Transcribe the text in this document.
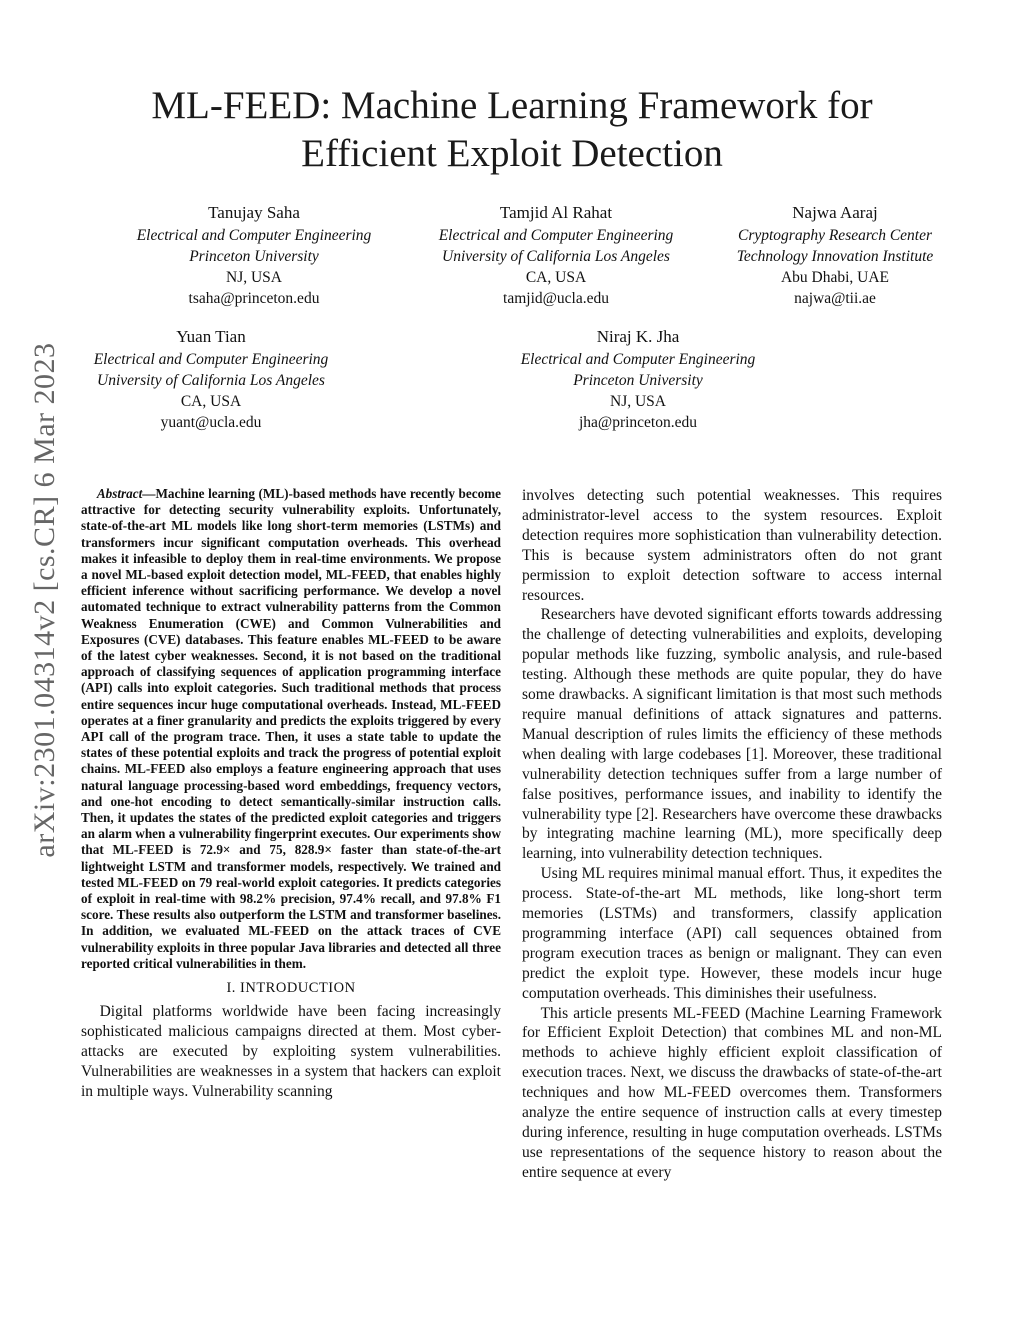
ML-FEED: Machine Learning Framework for
Efficient Exploit Detection
Tanujay Saha
Electrical and Computer Engineering
Princeton University
NJ, USA
tsaha@princeton.edu
Tamjid Al Rahat
Electrical and Computer Engineering
University of California Los Angeles
CA, USA
tamjid@ucla.edu
Najwa Aaraj
Cryptography Research Center
Technology Innovation Institute
Abu Dhabi, UAE
najwa@tii.ae
Yuan Tian
Electrical and Computer Engineering
University of California Los Angeles
CA, USA
yuant@ucla.edu
Niraj K. Jha
Electrical and Computer Engineering
Princeton University
NJ, USA
jha@princeton.edu
arXiv:2301.04314v2 [cs.CR] 6 Mar 2023	Abstract—Machine learning (ML)-based methods have recently become attractive for detecting security vulnerability exploits. Unfortunately, state-of-the-art ML models like long short-term memories (LSTMs) and transformers incur significant computation overheads. This overhead makes it infeasible to deploy them in real-time environments. We propose a novel ML-based exploit detection model, ML-FEED, that enables highly efficient inference without sacrificing performance. We develop a novel automated technique to extract vulnerability patterns from the Common Weakness Enumeration (CWE) and Common Vulnerabilities and Exposures (CVE) databases. This feature enables ML-FEED to be aware of the latest cyber weaknesses. Second, it is not based on the traditional approach of classifying sequences of application programming interface (API) calls into exploit categories. Such traditional methods that process entire sequences incur huge computational overheads. Instead, ML-FEED operates at a finer granularity and predicts the exploits triggered by every API call of the program trace. Then, it uses a state table to update the states of these potential exploits and track the progress of potential exploit chains. ML-FEED also employs a feature engineering approach that uses natural language processing-based word embeddings, frequency vectors, and one-hot encoding to detect semantically-similar instruction calls. Then, it updates the states of the predicted exploit categories and triggers an alarm when a vulnerability fingerprint executes. Our experiments show that ML-FEED is 72.9× and 75, 828.9× faster than state-of-the-art lightweight LSTM and transformer models, respectively. We trained and tested ML-FEED on 79 real-world exploit categories. It predicts categories of exploit in real-time with 98.2% precision, 97.4% recall, and 97.8% F1 score. These results also outperform the LSTM and transformer baselines. In addition, we evaluated ML-FEED on the attack traces of CVE vulnerability exploits in three popular Java libraries and detected all three reported critical vulnerabilities in them.

I. INTRODUCTION

Digital platforms worldwide have been facing increasingly sophisticated malicious campaigns directed at them. Most cyber-attacks are executed by exploiting system vulnerabilities. Vulnerabilities are weaknesses in a system that hackers can exploit in multiple ways. Vulnerability scanning

involves detecting such potential weaknesses. This requires administrator-level access to the system resources. Exploit detection requires more sophistication than vulnerability detection. This is because system administrators often do not grant permission to exploit detection software to access internal resources.

Researchers have devoted significant efforts towards addressing the challenge of detecting vulnerabilities and exploits, developing popular methods like fuzzing, symbolic analysis, and rule-based testing. Although these methods are quite popular, they do have some drawbacks. A significant limitation is that most such methods require manual definitions of attack signatures and patterns. Manual description of rules limits the efficiency of these methods when dealing with large codebases [1]. Moreover, these traditional vulnerability detection techniques suffer from a large number of false positives, performance issues, and inability to identify the vulnerability type [2]. Researchers have overcome these drawbacks by integrating machine learning (ML), more specifically deep learning, into vulnerability detection techniques.

Using ML requires minimal manual effort. Thus, it expedites the process. State-of-the-art ML methods, like long-short term memories (LSTMs) and transformers, classify application programming interface (API) call sequences obtained from program execution traces as benign or malignant. They can even predict the exploit type. However, these models incur huge computation overheads. This diminishes their usefulness.

This article presents ML-FEED (Machine Learning Framework for Efficient Exploit Detection) that combines ML and non-ML methods to achieve highly efficient exploit classification of execution traces. Next, we discuss the drawbacks of state-of-the-art techniques and how ML-FEED overcomes them. Transformers analyze the entire sequence of instruction calls at every timestep during inference, resulting in huge computation overheads. LSTMs use representations of the sequence history to reason about the entire sequence at every
